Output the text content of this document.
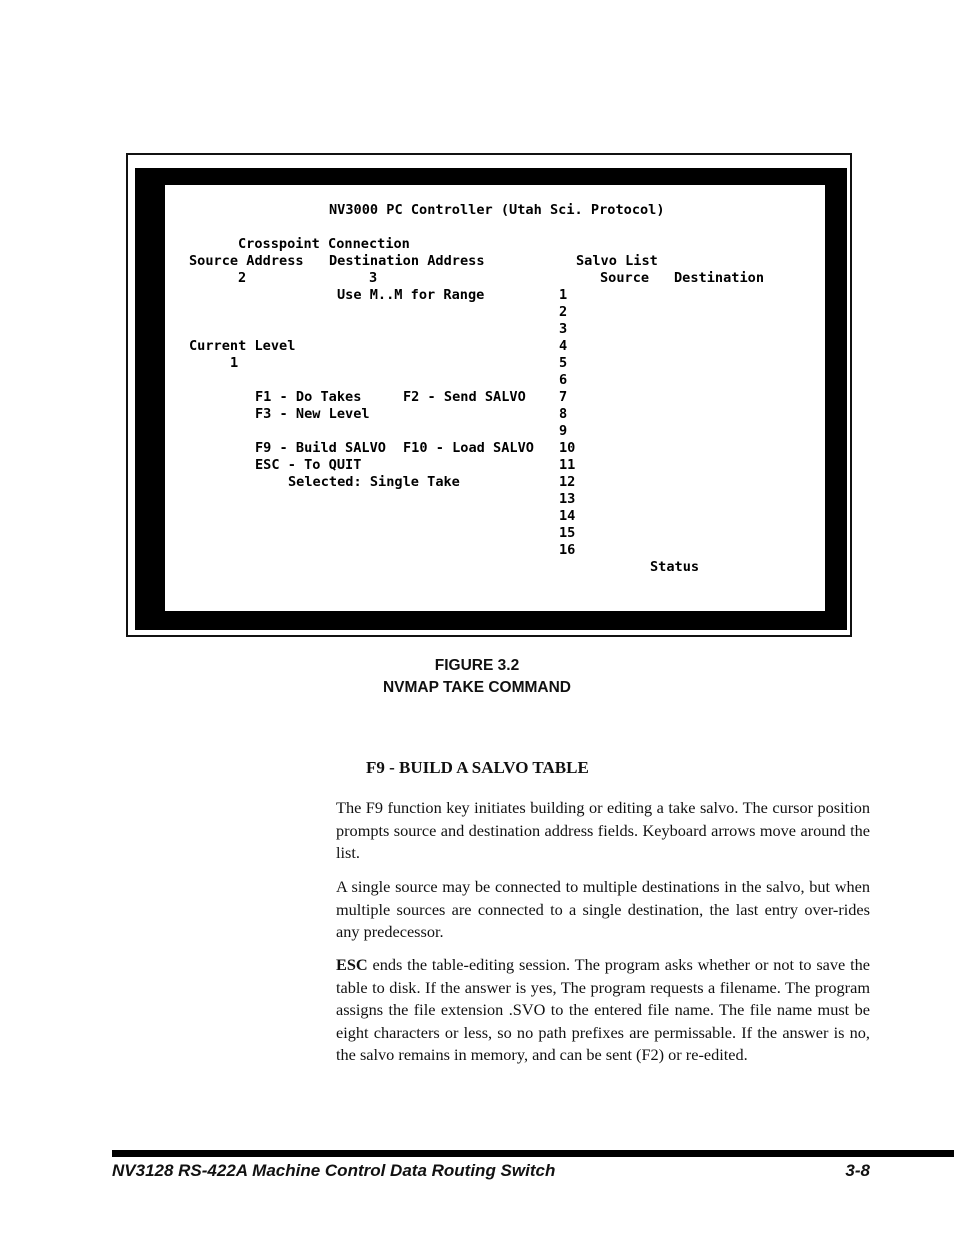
NV3000 PC Controller (Utah Sci. Protocol)
Crosspoint Connection
Source Address Destination Address
2	3
Use M..M for Range
Salvo List
Source Destination
Current Level
1
F1 - Do Takes	F2 - Send SALVO
F3 - New Level
F9 - Build SALVO F10 - Load SALVO
ESC - To QUIT
Selected: Single Take
1
2
3
4
5
6
7
8
9
10
11
12
13
14
15
16
Status
FIGURE 3.2
NVMAP TAKE COMMAND
F9 - BUILD A SALVO TABLE

The F9 function key initiates building or editing a take salvo. The cursor position prompts source and destination address fields. Keyboard arrows move around the list.

A single source may be connected to multiple destinations in the salvo, but when multiple sources are connected to a single destination, the last entry over-rides any predecessor.

ESC ends the table-editing session. The program asks whether or not to save the table to disk. If the answer is yes, The program requests a filename. The program assigns the file extension .SVO to the entered file name. The file name must be eight characters or less, so no path prefixes are permissable. If the answer is no, the salvo remains in memory, and can be sent (F2) or re-edited.

NV3128 RS-422A Machine Control Data Routing Switch	3-8
